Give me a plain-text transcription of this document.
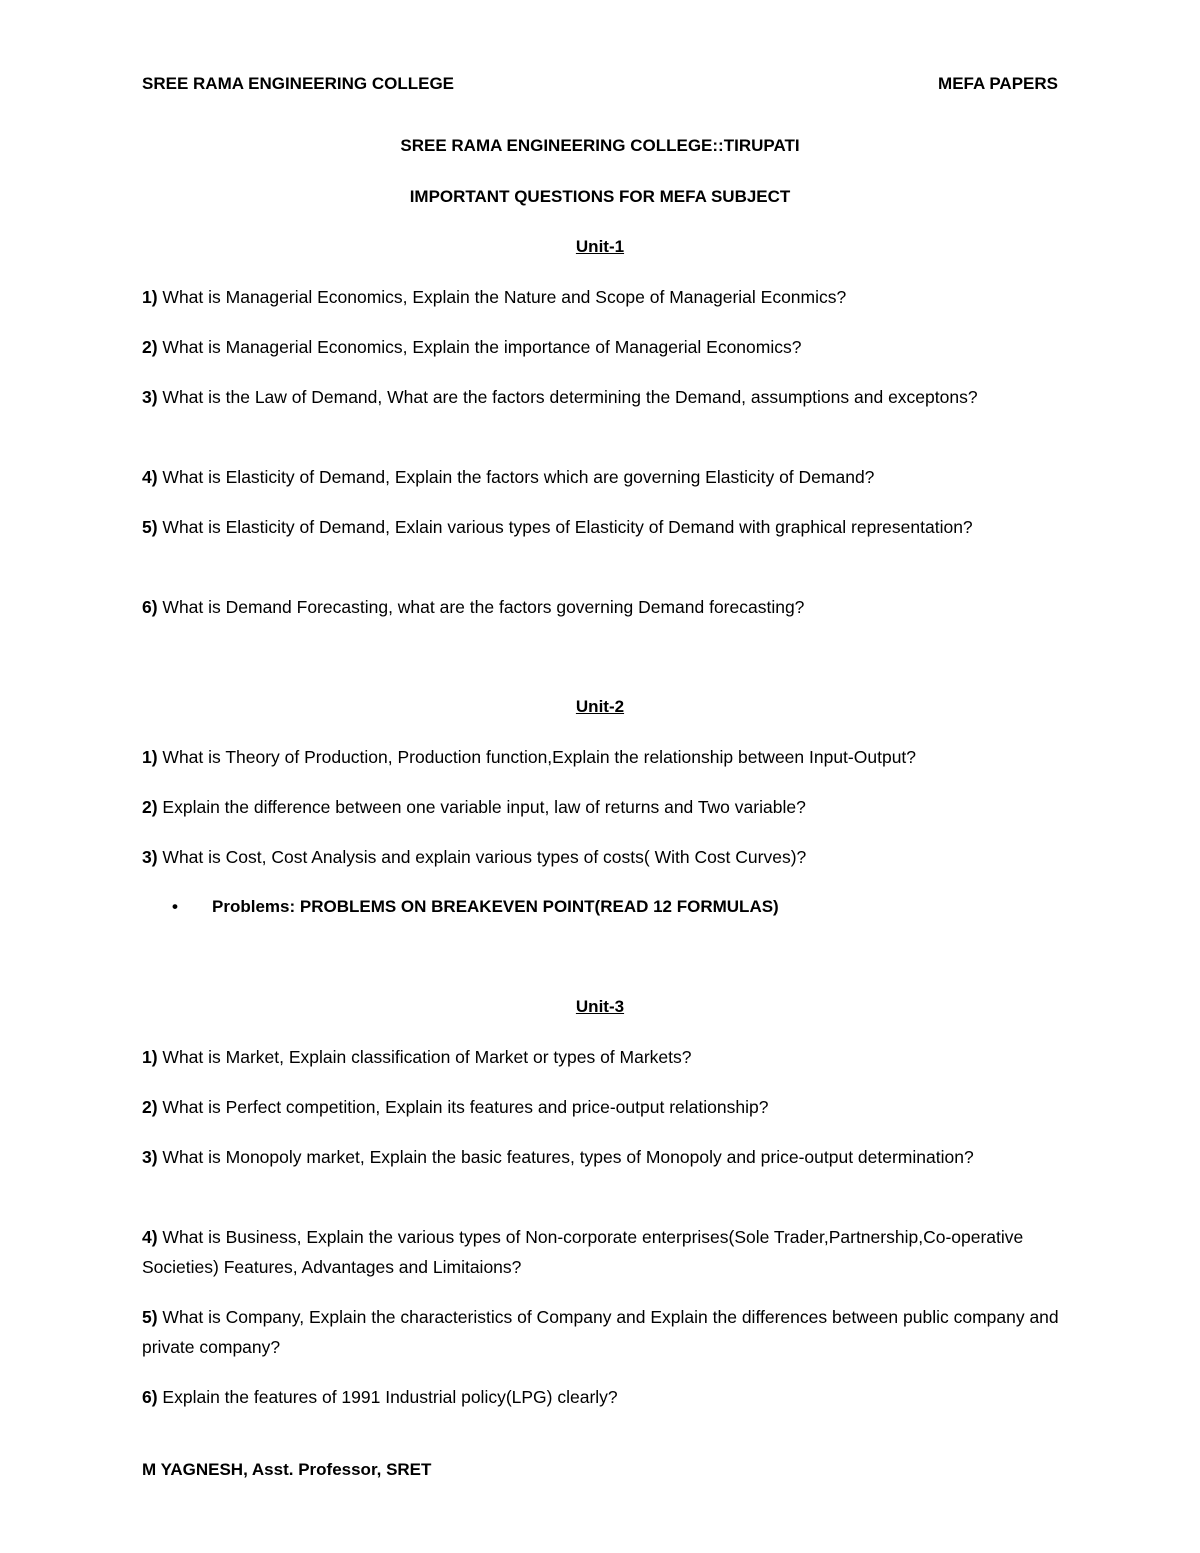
SREE RAMA ENGINEERING COLLEGE	MEFA PAPERS
SREE RAMA ENGINEERING COLLEGE::TIRUPATI
IMPORTANT QUESTIONS FOR MEFA SUBJECT
Unit-1
1) What is Managerial Economics, Explain the Nature and Scope of Managerial Econmics?
2) What is Managerial Economics, Explain the importance of Managerial Economics?
3) What is the Law of Demand, What are the factors determining the Demand, assumptions and exceptons?
4) What is Elasticity of Demand, Explain the factors which are governing Elasticity of Demand?
5) What is Elasticity of Demand, Exlain various types of Elasticity of Demand with graphical representation?
6) What is Demand Forecasting, what are the factors governing Demand forecasting?
Unit-2
1) What is Theory of Production, Production function,Explain the relationship between Input-Output?
2) Explain the difference between one variable input, law of returns and Two variable?
3) What is Cost, Cost Analysis and explain various types of costs( With Cost Curves)?
• Problems: PROBLEMS ON BREAKEVEN POINT(READ 12 FORMULAS)
Unit-3
1) What is Market, Explain classification of Market or types of Markets?
2) What is Perfect competition, Explain its features and price-output relationship?
3) What is Monopoly market, Explain the basic features, types of Monopoly and price-output determination?
4) What is Business, Explain the various types of Non-corporate enterprises(Sole Trader,Partnership,Co-operative Societies) Features, Advantages and Limitaions?
5) What is Company, Explain the characteristics of Company and Explain the differences between public company and private company?
6) Explain the features of 1991 Industrial policy(LPG) clearly?
M YAGNESH, Asst. Professor, SRET
